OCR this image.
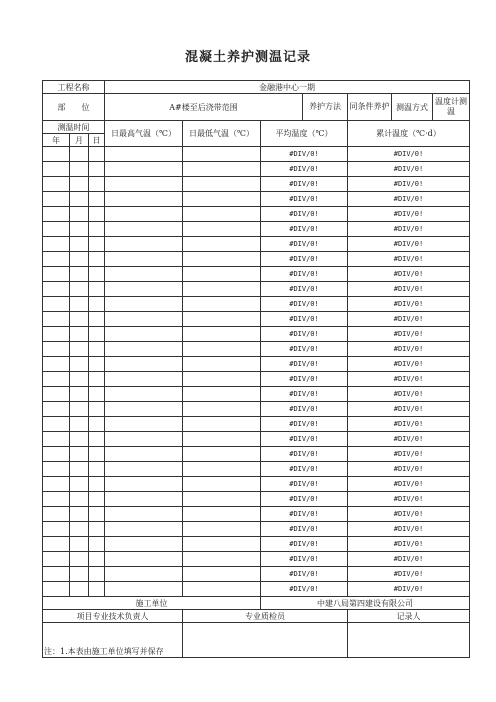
混凝土养护测温记录
工程名称			金融港中心一期						
部　　位			A#楼至后浇带范围			养护方法	同条件养护	测温方式	温度计测温
测温时间			日最高气温（℃）	日最低气温（℃）	平均温度（℃）		累计温度（℃·d）		
年	月	日							
					#DIV/0!		#DIV/0!		
					#DIV/0!		#DIV/0!		
					#DIV/0!		#DIV/0!		
					#DIV/0!		#DIV/0!		
					#DIV/0!		#DIV/0!		
					#DIV/0!		#DIV/0!		
					#DIV/0!		#DIV/0!		
					#DIV/0!		#DIV/0!		
					#DIV/0!		#DIV/0!		
					#DIV/0!		#DIV/0!		
					#DIV/0!		#DIV/0!		
					#DIV/0!		#DIV/0!		
					#DIV/0!		#DIV/0!		
					#DIV/0!		#DIV/0!		
					#DIV/0!		#DIV/0!		
					#DIV/0!		#DIV/0!		
					#DIV/0!		#DIV/0!		
					#DIV/0!		#DIV/0!		
					#DIV/0!		#DIV/0!		
					#DIV/0!		#DIV/0!		
					#DIV/0!		#DIV/0!		
					#DIV/0!		#DIV/0!		
					#DIV/0!		#DIV/0!		
					#DIV/0!		#DIV/0!		
					#DIV/0!		#DIV/0!		
					#DIV/0!		#DIV/0!		
					#DIV/0!		#DIV/0!		
					#DIV/0!		#DIV/0!		
					#DIV/0!		#DIV/0!		
					#DIV/0!		#DIV/0!		
施工单位					中建八局第四建设有限公司				
项目专业技术负责人				专业质检员			记录人		

注：1.本表由施工单位填写并保存
